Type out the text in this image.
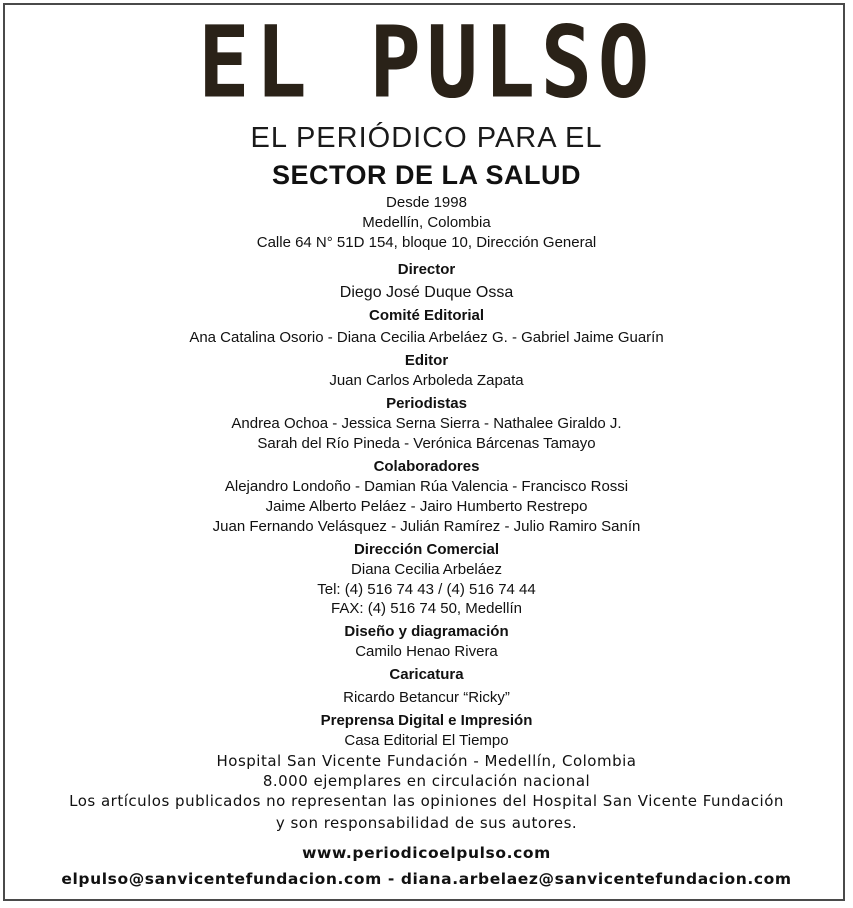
EL PULSO
EL PERIÓDICO PARA EL
SECTOR DE LA SALUD
Desde 1998
Medellín, Colombia
Calle 64 N° 51D 154, bloque 10, Dirección General
Director
Diego José Duque Ossa
Comité Editorial
Ana Catalina Osorio - Diana Cecilia Arbeláez G. - Gabriel Jaime Guarín
Editor
Juan Carlos Arboleda Zapata
Periodistas
Andrea Ochoa - Jessica Serna Sierra - Nathalee Giraldo J.
Sarah del Río Pineda - Verónica Bárcenas Tamayo
Colaboradores
Alejandro Londoño - Damian Rúa Valencia - Francisco Rossi
Jaime Alberto Peláez - Jairo Humberto Restrepo
Juan Fernando Velásquez - Julián Ramírez - Julio Ramiro Sanín
Dirección Comercial
Diana Cecilia Arbeláez
Tel: (4) 516 74 43 / (4) 516 74 44
FAX: (4) 516 74 50, Medellín
Diseño y diagramación
Camilo Henao Rivera
Caricatura
Ricardo Betancur “Ricky”
Preprensa Digital e Impresión
Casa Editorial El Tiempo
Hospital San Vicente Fundación - Medellín, Colombia
8.000 ejemplares en circulación nacional
Los artículos publicados no representan las opiniones del Hospital San Vicente Fundación
y son responsabilidad de sus autores.
www.periodicoelpulso.com
elpulso@sanvicentefundacion.com - diana.arbelaez@sanvicentefundacion.com
